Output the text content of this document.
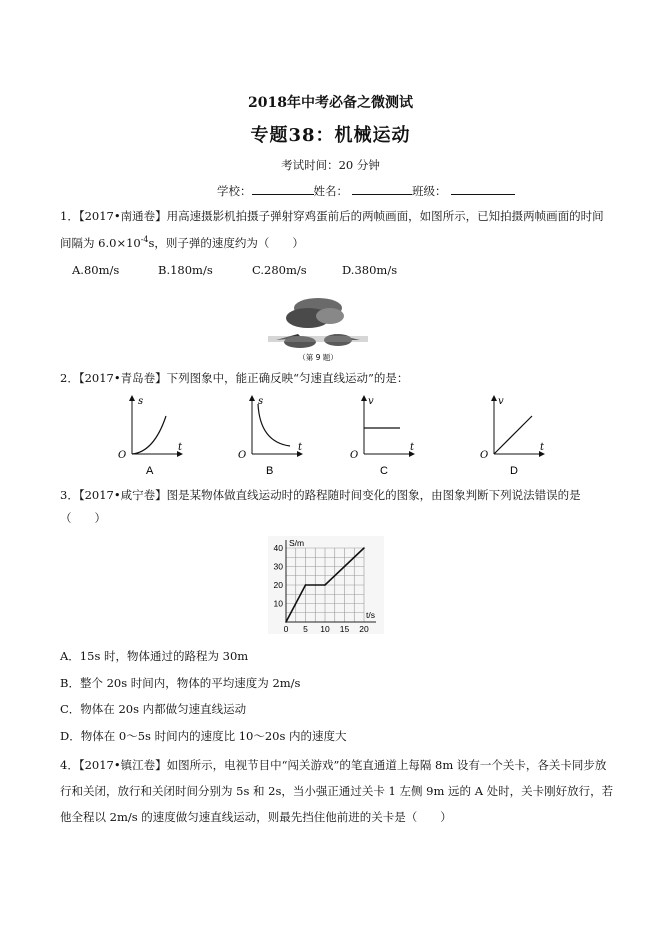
2018年中考必备之微测试
专题38：机械运动
考试时间：20 分钟
学校：	姓名：	班级：
1．【2017•南通卷】用高速摄影机拍摄子弹射穿鸡蛋前后的两帧画面，如图所示，已知拍摄两帧画面的时间
间隔为 $6.0\times 10^{-4}s$，则子弹的速度约为（　　）
A.80m/s	B.180m/s	C.280m/s	D.380m/s
（第 9 题）
2．【2017•青岛卷】下列图象中，能正确反映“匀速直线运动”的是：
s
t
O
A
s
t
O
B
v
t
O
C
v
t
O
D
3．【2017•咸宁卷】图是某物体做直线运动时的路程随时间变化的图象，由图象判断下列说法错误的是
（　　）
0 5 10 15 20
10
20
30
40 S/m
t/s
A．15s 时，物体通过的路程为 30m
B．整个 20s 时间内，物体的平均速度为 2m/s
C．物体在 20s 内都做匀速直线运动
D．物体在 0～5s 时间内的速度比 10～20s 内的速度大
4．【2017•镇江卷】如图所示，电视节目中“闯关游戏”的笔直通道上每隔 8m 设有一个关卡，各关卡同步放
行和关闭，放行和关闭时间分别为 5s 和 2s，当小强正通过关卡 1 左侧 9m 远的 A 处时，关卡刚好放行，若
他全程以 2m/s 的速度做匀速直线运动，则最先挡住他前进的关卡是（　　）
